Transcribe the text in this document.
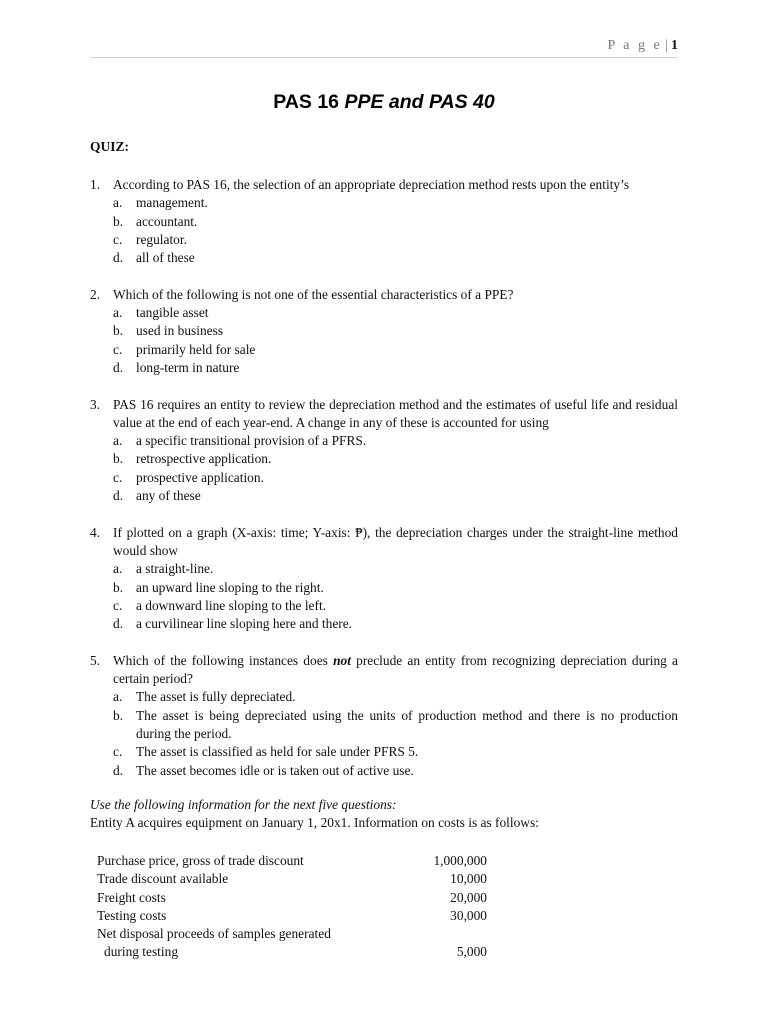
P a g e | 1
PAS 16 PPE and PAS 40
QUIZ:
1. According to PAS 16, the selection of an appropriate depreciation method rests upon the entity’s
a. management.
b. accountant.
c. regulator.
d. all of these
2. Which of the following is not one of the essential characteristics of a PPE?
a. tangible asset
b. used in business
c. primarily held for sale
d. long-term in nature
3. PAS 16 requires an entity to review the depreciation method and the estimates of useful life and residual value at the end of each year-end. A change in any of these is accounted for using
a. a specific transitional provision of a PFRS.
b. retrospective application.
c. prospective application.
d. any of these
4. If plotted on a graph (X-axis: time; Y-axis: ₱), the depreciation charges under the straight-line method would show
a. a straight-line.
b. an upward line sloping to the right.
c. a downward line sloping to the left.
d. a curvilinear line sloping here and there.
5. Which of the following instances does not preclude an entity from recognizing depreciation during a certain period?
a. The asset is fully depreciated.
b. The asset is being depreciated using the units of production method and there is no production during the period.
c. The asset is classified as held for sale under PFRS 5.
d. The asset becomes idle or is taken out of active use.
Use the following information for the next five questions:
Entity A acquires equipment on January 1, 20x1. Information on costs is as follows:
Purchase price, gross of trade discount	1,000,000
Trade discount available	10,000
Freight costs	20,000
Testing costs	30,000
Net disposal proceeds of samples generated
during testing	5,000
